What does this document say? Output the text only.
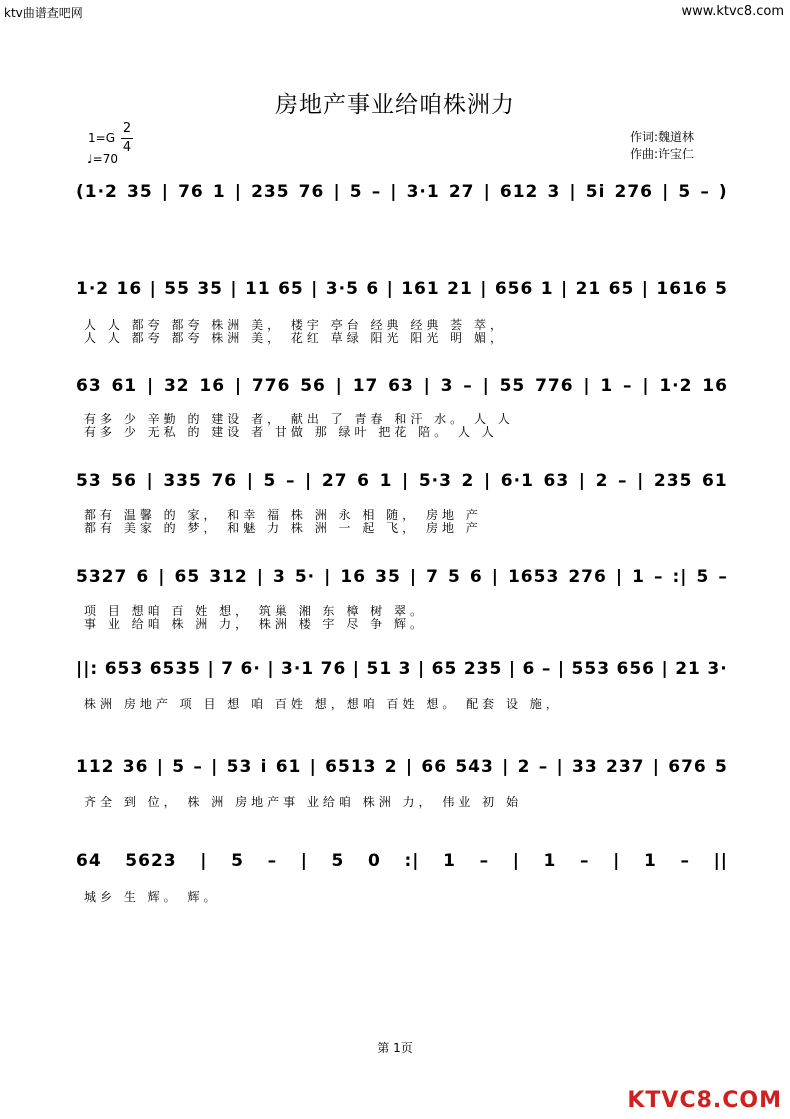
ktv曲谱查吧网	www.ktvc8.com
房地产事业给咱株洲力
1=G
2
4
♩=70
作词:魏道林
作曲:许宝仁
(1·2 35 | 76 1 | 235 76 | 5 – | 3·1 27 | 612 3 | 5i 276 | 5 – )
1·2 16 | 55 35 | 11 65 | 3·5 6 | 161 21 | 656 1 | 21 65 | 1616 5
人 人 都夸 都夸 株洲 美， 楼宇 亭台 经典 经典 荟 萃，
人 人 都夸 都夸 株洲 美， 花红 草绿 阳光 阳光 明 媚，
63 61 | 32 16 | 776 56 | 17 63 | 3 – | 55 776 | 1 – | 1·2 16
有多 少 辛勤 的 建设 者， 献出 了 青春 和汗 水。 人 人
有多 少 无私 的 建设 者 甘做 那 绿叶 把花 陪。 人 人
53 56 | 335 76 | 5 – | 27 6 1 | 5·3 2 | 6·1 63 | 2 – | 235 61
都有 温馨 的 家， 和幸 福 株 洲 永 相 随， 房地 产
都有 美家 的 梦， 和魅 力 株 洲 一 起 飞， 房地 产
5327 6 | 65 312 | 3 5· | 16 35 | 7 5 6 | 1653 276 | 1 – :| 5 –
项 目 想咱 百 姓 想， 筑巢 湘 东 樟 树 翠。
事 业 给咱 株 洲 力， 株洲 楼 宇 尽 争 辉。
||: 653 6535 | 7 6· | 3·1 76 | 51 3 | 65 235 | 6 – | 553 656 | 21 3·
株洲 房地产 项 目 想 咱 百姓 想，想咱 百姓 想。 配套 设 施，
112 36 | 5 – | 53 i 61 | 6513 2 | 66 543 | 2 – | 33 237 | 676 5
齐全 到 位， 株 洲 房地产事 业给咱 株洲 力， 伟业 初 始
64 5623 | 5 – | 5 0 :| 1 – | 1 – | 1 – ||
城乡 生 辉。 辉。
第 1页
KTVC8.COM
